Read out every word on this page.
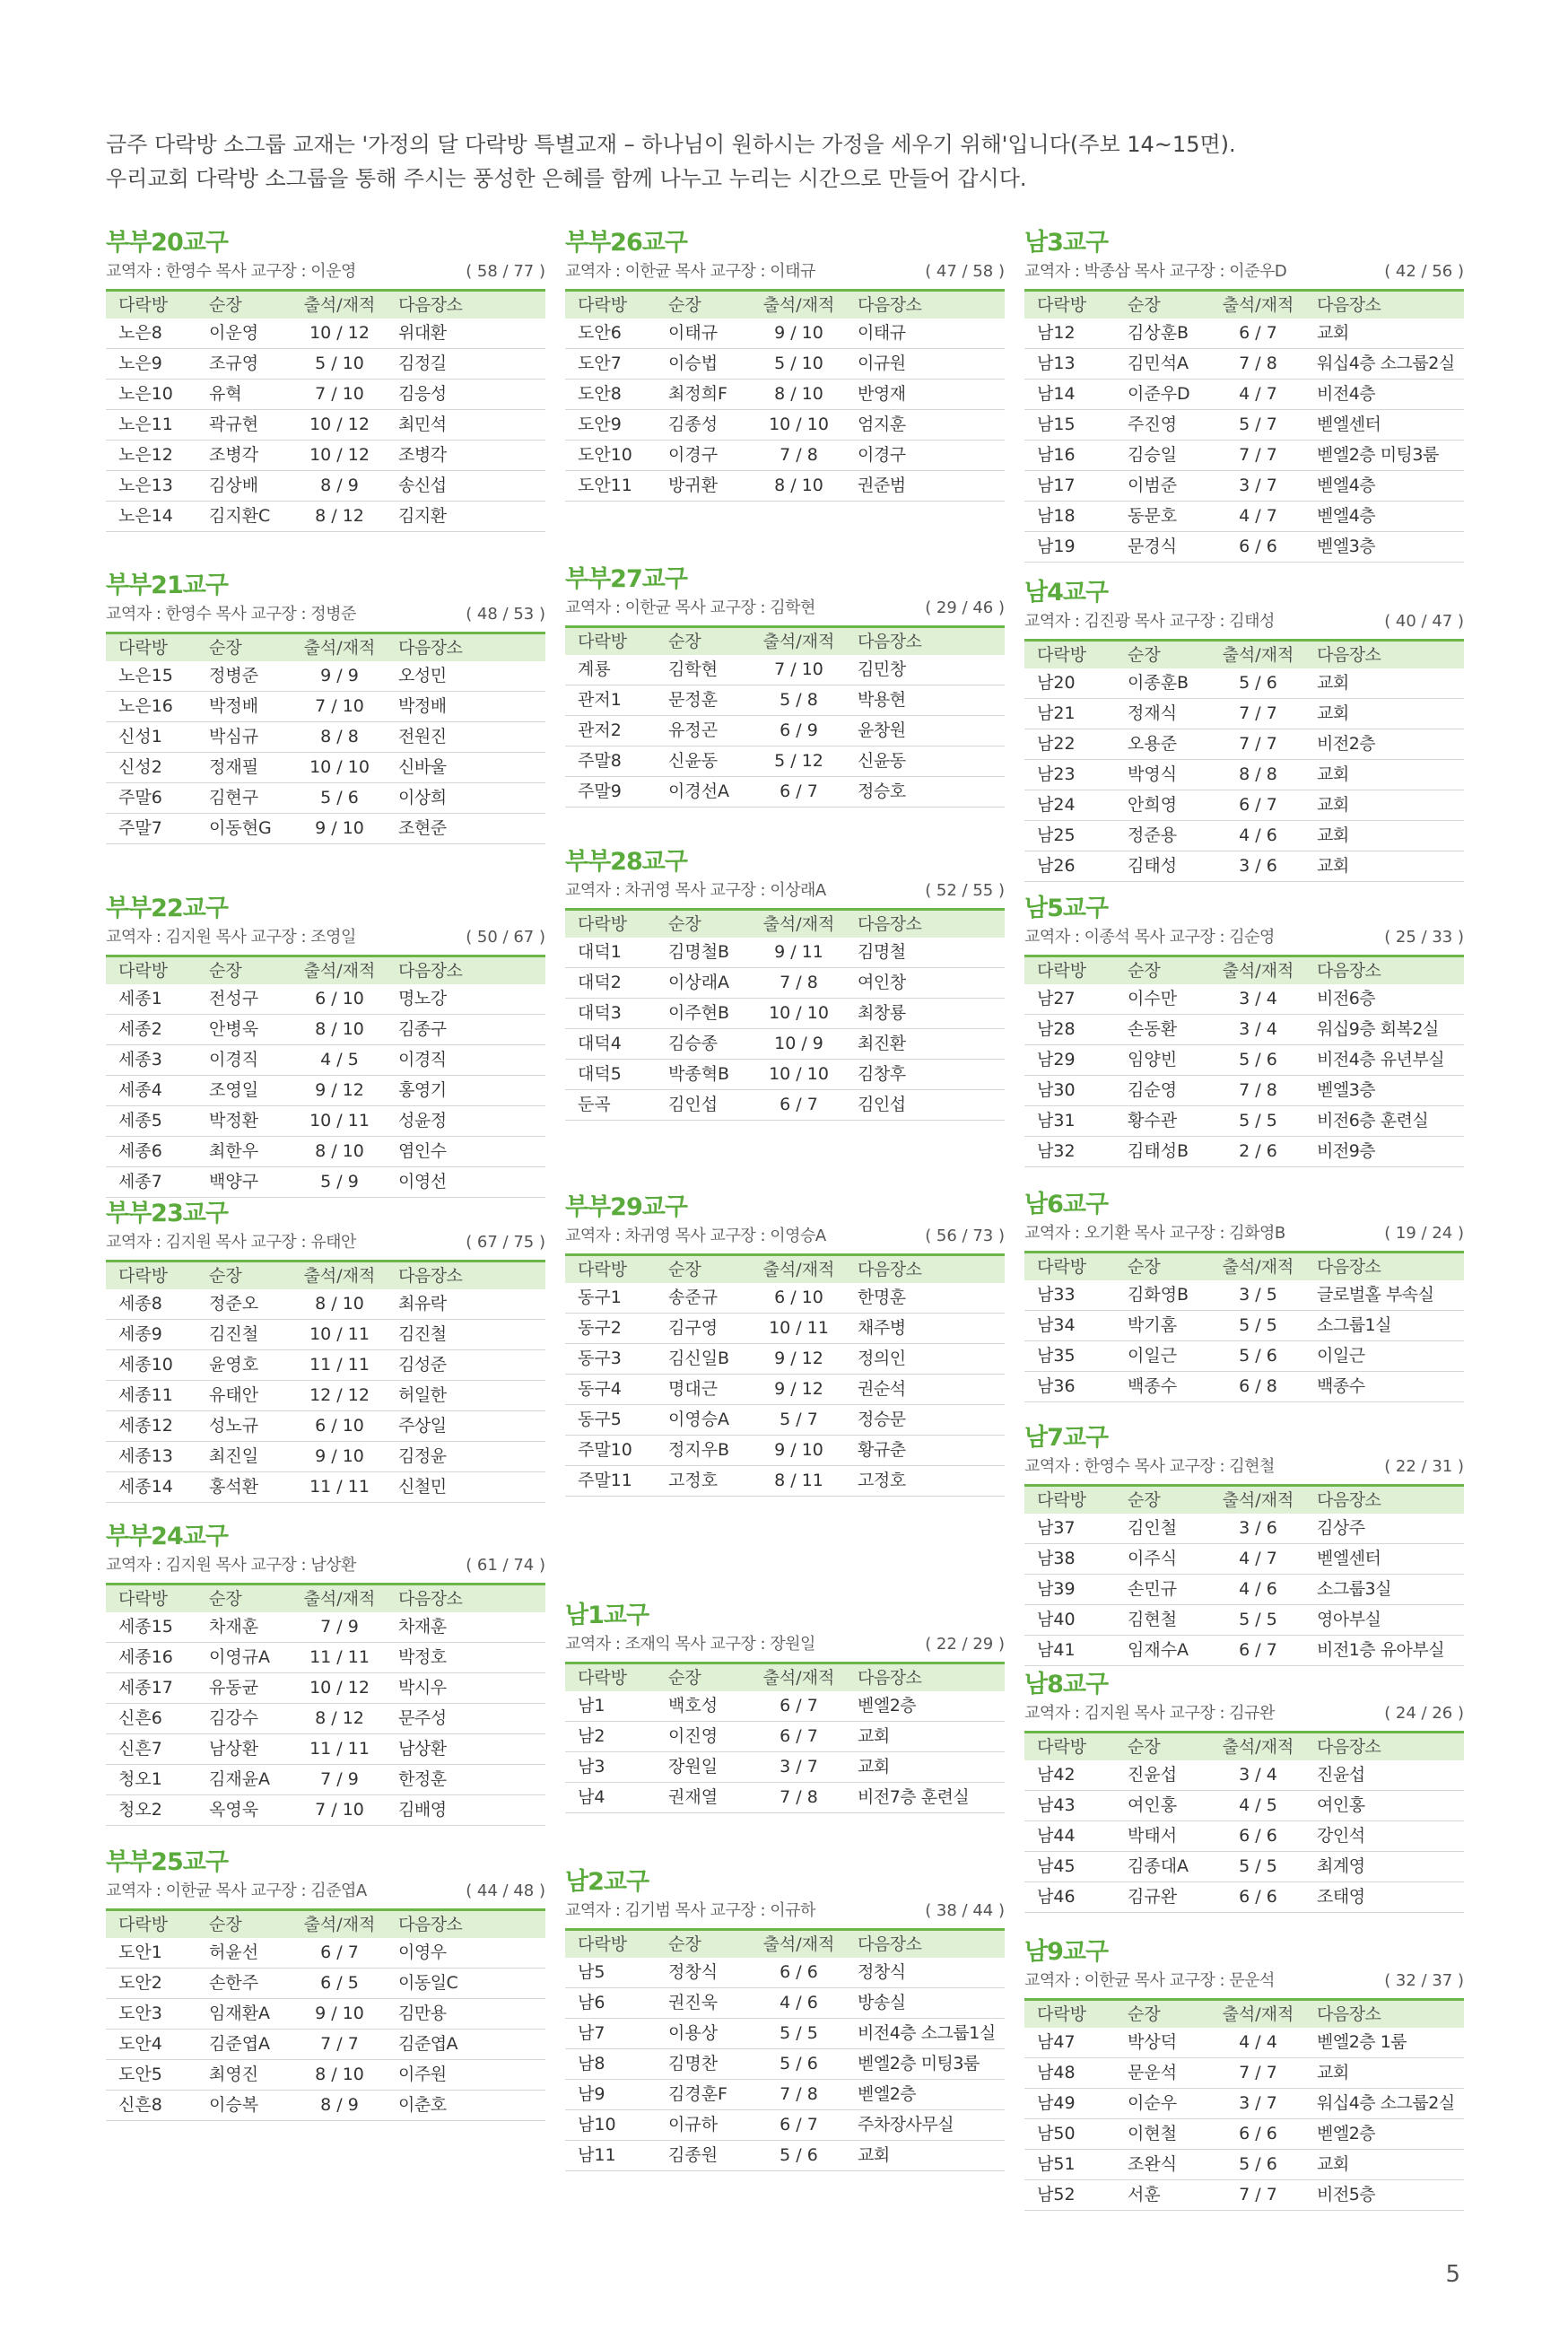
금주 다락방 소그룹 교재는 '가정의 달 다락방 특별교재 – 하나님이 원하시는 가정을 세우기 위해'입니다(주보 14~15면).

우리교회 다락방 소그룹을 통해 주시는 풍성한 은혜를 함께 나누고 누리는 시간으로 만들어 갑시다.

부부20교구
교역자 : 한영수 목사 교구장 : 이운영	( 58 / 77 )
다락방	순장	출석/재적	다음장소
노은8	이운영	10 / 12	위대환
노은9	조규영	5 / 10	김정길
노은10	유혁	7 / 10	김응성
노은11	곽규현	10 / 12	최민석
노은12	조병각	10 / 12	조병각
노은13	김상배	8 / 9	송신섭
노은14	김지환C	8 / 12	김지환
부부21교구
교역자 : 한영수 목사 교구장 : 정병준	( 48 / 53 )
다락방	순장	출석/재적	다음장소
노은15	정병준	9 / 9	오성민
노은16	박정배	7 / 10	박정배
신성1	박심규	8 / 8	전원진
신성2	정재필	10 / 10	신바울
주말6	김현구	5 / 6	이상희
주말7	이동현G	9 / 10	조현준
부부22교구
교역자 : 김지원 목사 교구장 : 조영일	( 50 / 67 )
다락방	순장	출석/재적	다음장소
세종1	전성구	6 / 10	명노강
세종2	안병욱	8 / 10	김종구
세종3	이경직	4 / 5	이경직
세종4	조영일	9 / 12	홍영기
세종5	박정환	10 / 11	성윤정
세종6	최한우	8 / 10	염인수
세종7	백양구	5 / 9	이영선
부부23교구
교역자 : 김지원 목사 교구장 : 유태안	( 67 / 75 )
다락방	순장	출석/재적	다음장소
세종8	정준오	8 / 10	최유락
세종9	김진철	10 / 11	김진철
세종10	윤영호	11 / 11	김성준
세종11	유태안	12 / 12	허일한
세종12	성노규	6 / 10	주상일
세종13	최진일	9 / 10	김정윤
세종14	홍석환	11 / 11	신철민
부부24교구
교역자 : 김지원 목사 교구장 : 남상환	( 61 / 74 )
다락방	순장	출석/재적	다음장소
세종15	차재훈	7 / 9	차재훈
세종16	이영규A	11 / 11	박정호
세종17	유동균	10 / 12	박시우
신흔6	김강수	8 / 12	문주성
신흔7	남상환	11 / 11	남상환
청오1	김재윤A	7 / 9	한정훈
청오2	옥영욱	7 / 10	김배영
부부25교구
교역자 : 이한균 목사 교구장 : 김준엽A	( 44 / 48 )
다락방	순장	출석/재적	다음장소
도안1	허윤선	6 / 7	이영우
도안2	손한주	6 / 5	이동일C
도안3	임재환A	9 / 10	김만용
도안4	김준엽A	7 / 7	김준엽A
도안5	최영진	8 / 10	이주원
신흔8	이승복	8 / 9	이춘호
부부26교구
교역자 : 이한균 목사 교구장 : 이태규	( 47 / 58 )
다락방	순장	출석/재적	다음장소
도안6	이태규	9 / 10	이태규
도안7	이승법	5 / 10	이규원
도안8	최정희F	8 / 10	반영재
도안9	김종성	10 / 10	엄지훈
도안10	이경구	7 / 8	이경구
도안11	방귀환	8 / 10	권준범
부부27교구
교역자 : 이한균 목사 교구장 : 김학현	( 29 / 46 )
다락방	순장	출석/재적	다음장소
계룡	김학현	7 / 10	김민창
관저1	문정훈	5 / 8	박용현
관저2	유정곤	6 / 9	윤창원
주말8	신윤동	5 / 12	신윤동
주말9	이경선A	6 / 7	정승호
부부28교구
교역자 : 차귀영 목사 교구장 : 이상래A	( 52 / 55 )
다락방	순장	출석/재적	다음장소
대덕1	김명철B	9 / 11	김명철
대덕2	이상래A	7 / 8	여인창
대덕3	이주현B	10 / 10	최창룡
대덕4	김승종	10 / 9	최진환
대덕5	박종혁B	10 / 10	김창후
둔곡	김인섭	6 / 7	김인섭
부부29교구
교역자 : 차귀영 목사 교구장 : 이영승A	( 56 / 73 )
다락방	순장	출석/재적	다음장소
동구1	송준규	6 / 10	한명훈
동구2	김구영	10 / 11	채주병
동구3	김신일B	9 / 12	정의인
동구4	명대근	9 / 12	권순석
동구5	이영승A	5 / 7	정승문
주말10	정지우B	9 / 10	황규춘
주말11	고정호	8 / 11	고정호
남1교구
교역자 : 조재익 목사 교구장 : 장원일	( 22 / 29 )
다락방	순장	출석/재적	다음장소
남1	백호성	6 / 7	벧엘2층
남2	이진영	6 / 7	교회
남3	장원일	3 / 7	교회
남4	권재열	7 / 8	비전7층 훈련실
남2교구
교역자 : 김기범 목사 교구장 : 이규하	( 38 / 44 )
다락방	순장	출석/재적	다음장소
남5	정창식	6 / 6	정창식
남6	권진욱	4 / 6	방송실
남7	이용상	5 / 5	비전4층 소그룹1실
남8	김명찬	5 / 6	벧엘2층 미팅3룸
남9	김경훈F	7 / 8	벧엘2층
남10	이규하	6 / 7	주차장사무실
남11	김종원	5 / 6	교회
남3교구
교역자 : 박종삼 목사 교구장 : 이준우D	( 42 / 56 )
다락방	순장	출석/재적	다음장소
남12	김상훈B	6 / 7	교회
남13	김민석A	7 / 8	워십4층 소그룹2실
남14	이준우D	4 / 7	비전4층
남15	주진영	5 / 7	벧엘센터
남16	김승일	7 / 7	벧엘2층 미팅3룸
남17	이범준	3 / 7	벧엘4층
남18	동문호	4 / 7	벧엘4층
남19	문경식	6 / 6	벧엘3층
남4교구
교역자 : 김진광 목사 교구장 : 김태성	( 40 / 47 )
다락방	순장	출석/재적	다음장소
남20	이종훈B	5 / 6	교회
남21	정재식	7 / 7	교회
남22	오용준	7 / 7	비전2층
남23	박영식	8 / 8	교회
남24	안희영	6 / 7	교회
남25	정준용	4 / 6	교회
남26	김태성	3 / 6	교회
남5교구
교역자 : 이종석 목사 교구장 : 김순영	( 25 / 33 )
다락방	순장	출석/재적	다음장소
남27	이수만	3 / 4	비전6층
남28	손동환	3 / 4	워십9층 회복2실
남29	임양빈	5 / 6	비전4층 유년부실
남30	김순영	7 / 8	벧엘3층
남31	황수관	5 / 5	비전6층 훈련실
남32	김태성B	2 / 6	비전9층
남6교구
교역자 : 오기환 목사 교구장 : 김화영B	( 19 / 24 )
다락방	순장	출석/재적	다음장소
남33	김화영B	3 / 5	글로벌홀 부속실
남34	박기홈	5 / 5	소그룹1실
남35	이일근	5 / 6	이일근
남36	백종수	6 / 8	백종수
남7교구
교역자 : 한영수 목사 교구장 : 김현철	( 22 / 31 )
다락방	순장	출석/재적	다음장소
남37	김인철	3 / 6	김상주
남38	이주식	4 / 7	벧엘센터
남39	손민규	4 / 6	소그룹3실
남40	김현철	5 / 5	영아부실
남41	임재수A	6 / 7	비전1층 유아부실
남8교구
교역자 : 김지원 목사 교구장 : 김규완	( 24 / 26 )
다락방	순장	출석/재적	다음장소
남42	진윤섭	3 / 4	진윤섭
남43	여인홍	4 / 5	여인홍
남44	박태서	6 / 6	강인석
남45	김종대A	5 / 5	최계영
남46	김규완	6 / 6	조태영
남9교구
교역자 : 이한균 목사 교구장 : 문운석	( 32 / 37 )
다락방	순장	출석/재적	다음장소
남47	박상덕	4 / 4	벧엘2층 1룸
남48	문운석	7 / 7	교회
남49	이순우	3 / 7	워십4층 소그룹2실
남50	이현철	6 / 6	벧엘2층
남51	조완식	5 / 6	교회
남52	서훈	7 / 7	비전5층
5
